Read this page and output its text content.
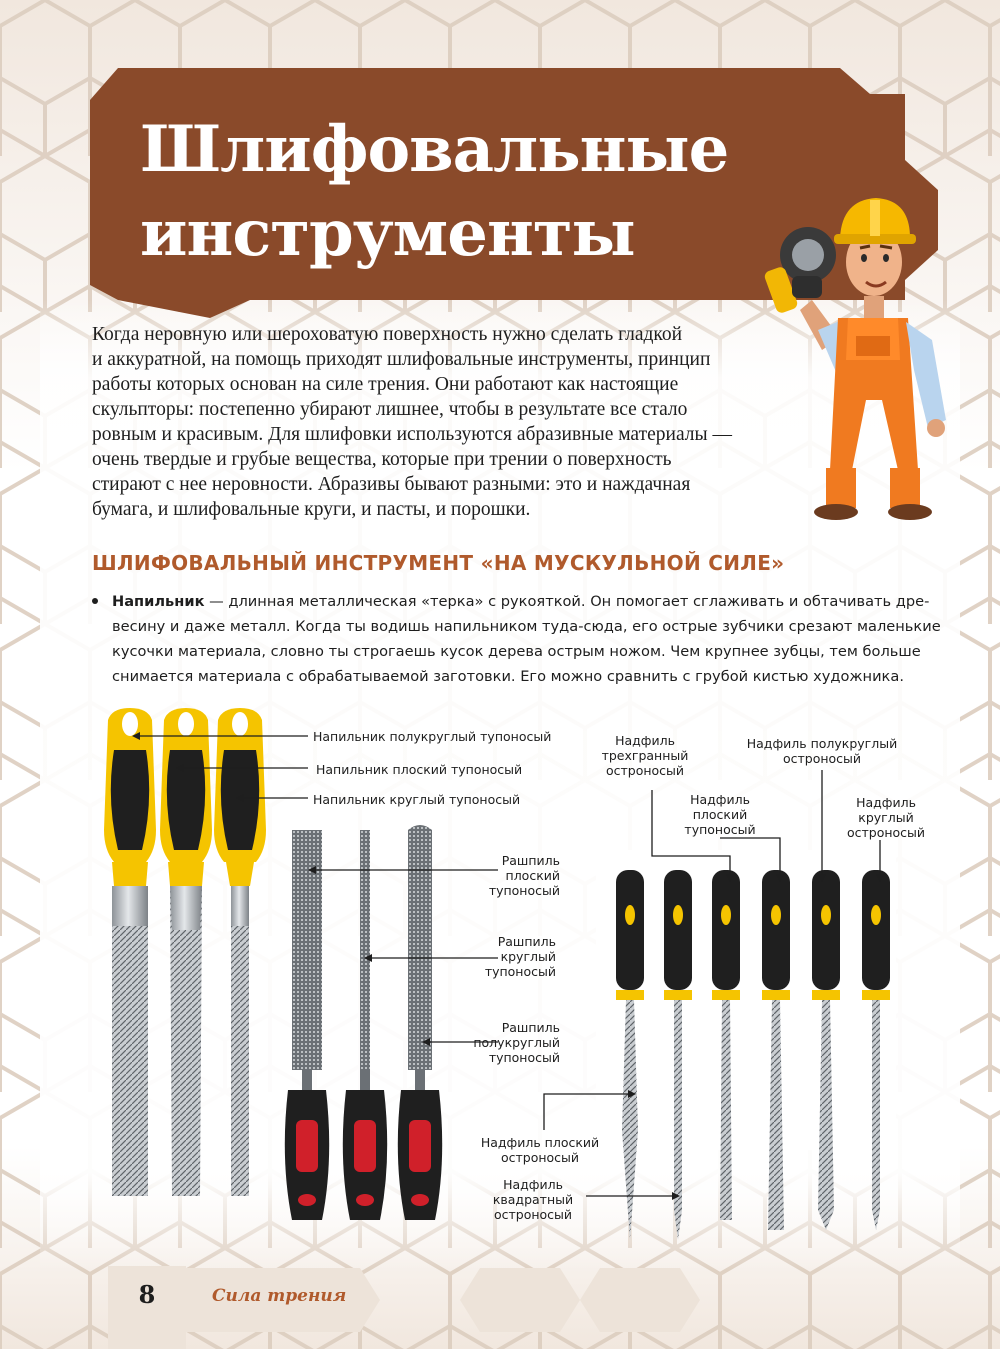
Шлифовальные
инструменты
Когда неровную или шероховатую поверхность нужно сделать гладкой
и аккуратной, на помощь приходят шлифовальные инструменты, принцип
работы которых основан на силе трения. Они работают как настоящие
скульпторы: постепенно убирают лишнее, чтобы в результате все стало
ровным и красивым. Для шлифовки используются абразивные материалы —
очень твердые и грубые вещества, которые при трении о поверхность
стирают с нее неровности. Абразивы бывают разными: это и наждачная
бумага, и шлифовальные круги, и пасты, и порошки.
ШЛИФОВАЛЬНЫЙ ИНСТРУМЕНТ «НА МУСКУЛЬНОЙ СИЛЕ»
Напильник — длинная металлическая «терка» с рукояткой. Он помогает сглаживать и обтачивать дре-
весину и даже металл. Когда ты водишь напильником туда-сюда, его острые зубчики срезают маленькие
кусочки материала, словно ты строгаешь кусок дерева острым ножом. Чем крупнее зубцы, тем больше
снимается материала с обрабатываемой заготовки. Его можно сравнить с грубой кистью художника.
Напильник полукруглый тупоносый
Напильник плоский тупоносый
Напильник круглый тупоносый
Рашпиль
плоский
тупоносый
Рашпиль
круглый
тупоносый
Рашпиль
полукруглый
тупоносый
Надфиль
трехгранный
остроносый
Надфиль
плоский
тупоносый
Надфиль полукруглый
остроносый
Надфиль
круглый
остроносый
Надфиль плоский
остроносый
Надфиль
квадратный
остроносый
8	Сила трения
